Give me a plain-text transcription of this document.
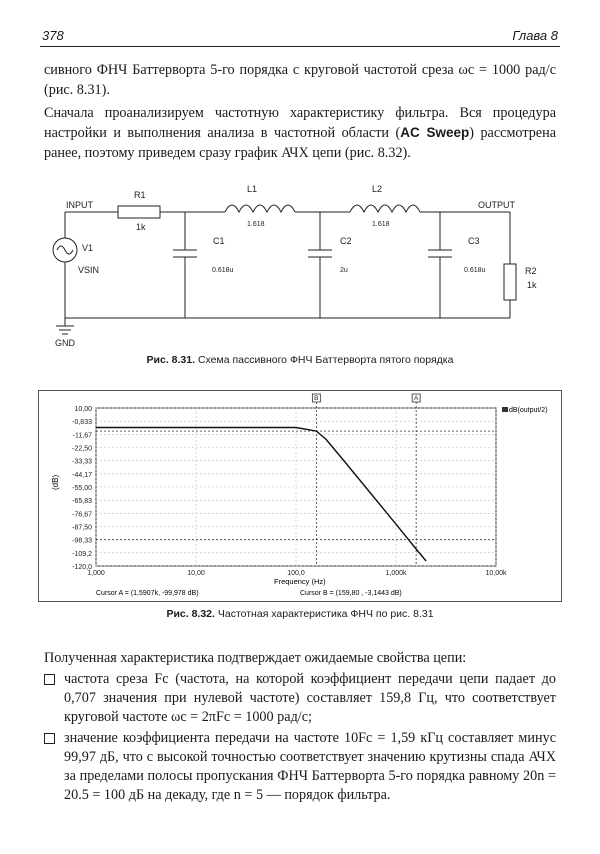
378	Глава 8
сивного ФНЧ Баттерворта 5-го порядка с круговой частотой среза ωc = 1000 рад/с (рис. 8.31).
Сначала проанализируем частотную характеристику фильтра. Вся процедура настройки и выполнения анализа в частотной области (AC Sweep) рассмотрена ранее, поэтому приведем сразу график АЧХ цепи (рис. 8.32).
INPUT	OUTPUT
GND
R1
1k
L1
1.618
L2
1.618
C1
0.618u
C2
2u
C3
0.618u	R2
1k
V1
VSIN
Рис. 8.31. Схема пассивного ФНЧ Баттерворта пятого порядка
10,00
-0,833
-11,67
-22,50
-33,33
-44,17
-55,00
-65,83
-76,67
-87,50
-98,33
-109,2
-120,0
1,000	10,00	100,0	1,000k	10,00k
B	A
(dB)
Frequency (Hz)
dB(output/2)
Cursor A = (1,5907k, -99,978 dB)	Cursor B = (159,80 , -3,1443 dB)
Рис. 8.32. Частотная характеристика ФНЧ по рис. 8.31
Полученная характеристика подтверждает ожидаемые свойства цепи:
частота среза Fc (частота, на которой коэффициент передачи цепи падает до 0,707 значения при нулевой частоте) составляет 159,8 Гц, что соответствует круговой частоте ωc = 2πFc = 1000 рад/с;
значение коэффициента передачи на частоте 10Fc = 1,59 кГц составляет минус 99,97 дБ, что с высокой точностью соответствует значению крутизны спада АЧХ за пределами полосы пропускания ФНЧ Баттерворта 5-го порядка равному 20n = 20.5 = 100 дБ на декаду, где n = 5 — порядок фильтра.
